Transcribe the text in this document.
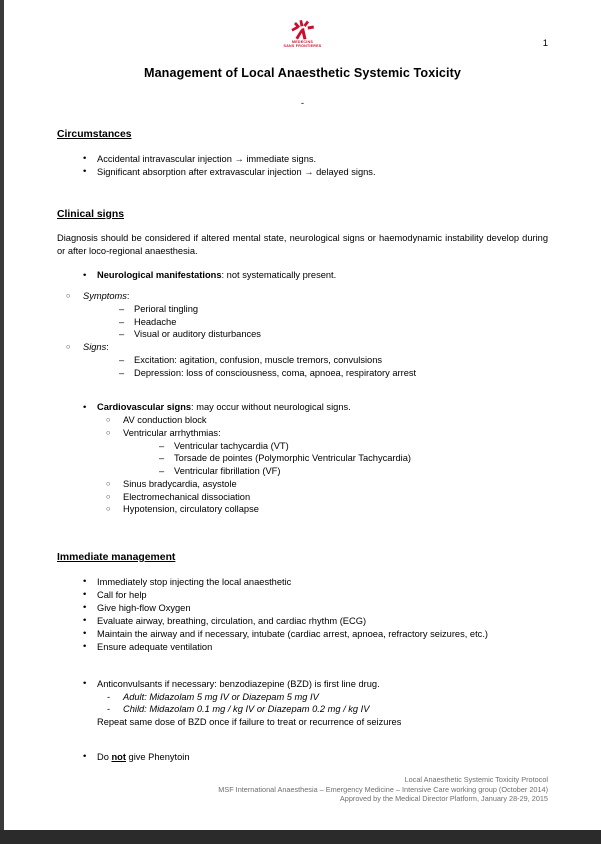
MEDECINS
SANS FRONTIERES	1
Management of Local Anaesthetic Systemic Toxicity
-
Circumstances
• Accidental intravascular injection → immediate signs.
• Significant absorption after extravascular injection → delayed signs.
Clinical signs

Diagnosis should be considered if altered mental state, neurological signs or haemodynamic instability develop during or after loco-regional anaesthesia.

• Neurological manifestations: not systematically present.
○ Symptoms:
– Perioral tingling
– Headache
– Visual or auditory disturbances
○ Signs:
– Excitation: agitation, confusion, muscle tremors, convulsions
– Depression: loss of consciousness, coma, apnoea, respiratory arrest
• Cardiovascular signs: may occur without neurological signs.
○ AV conduction block
○ Ventricular arrhythmias:
– Ventricular tachycardia (VT)
– Torsade de pointes (Polymorphic Ventricular Tachycardia)
– Ventricular fibrillation (VF)
○ Sinus bradycardia, asystole
○ Electromechanical dissociation
○ Hypotension, circulatory collapse
Immediate management
• Immediately stop injecting the local anaesthetic
• Call for help
• Give high-flow Oxygen
• Evaluate airway, breathing, circulation, and cardiac rhythm (ECG)
• Maintain the airway and if necessary, intubate (cardiac arrest, apnoea, refractory seizures, etc.)
• Ensure adequate ventilation
• Anticonvulsants if necessary: benzodiazepine (BZD) is first line drug.
‐ Adult: Midazolam 5 mg IV or Diazepam 5 mg IV
‐ Child: Midazolam 0.1 mg / kg IV or Diazepam 0.2 mg / kg IV
Repeat same dose of BZD once if failure to treat or recurrence of seizures
• Do not give Phenytoin
Local Anaesthetic Systemic Toxicity Protocol
MSF International Anaesthesia – Emergency Medicine – Intensive Care working group (October 2014)
Approved by the Medical Director Platform, January 28-29, 2015
